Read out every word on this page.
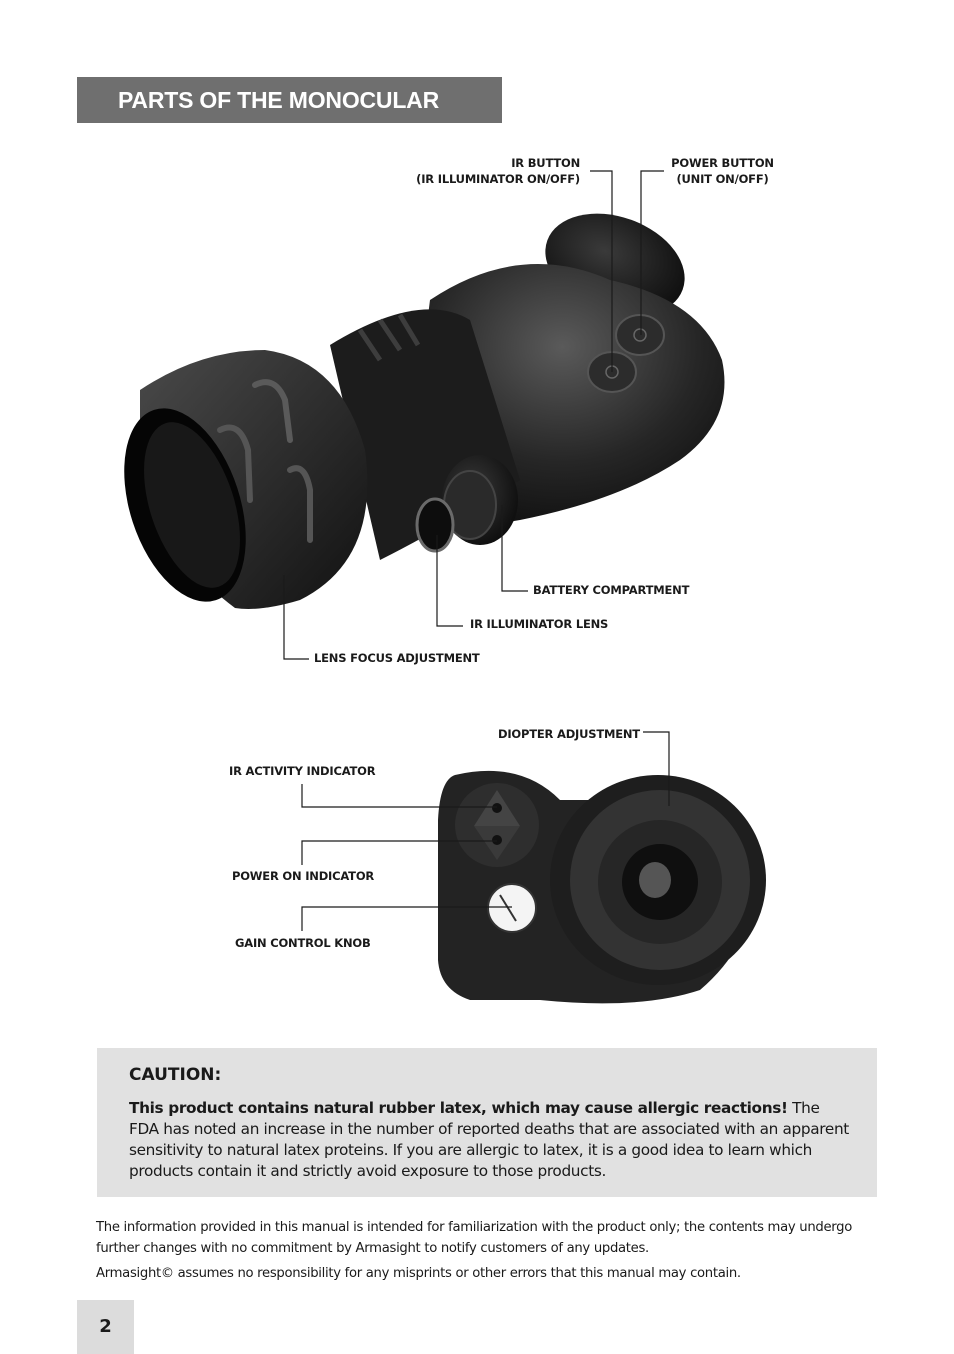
PARTS OF THE MONOCULAR
IR BUTTON
(IR ILLUMINATOR ON/OFF)
POWER BUTTON
(UNIT ON/OFF)
BATTERY COMPARTMENT
IR ILLUMINATOR LENS
LENS FOCUS ADJUSTMENT
DIOPTER ADJUSTMENT
IR ACTIVITY INDICATOR
POWER ON INDICATOR
GAIN CONTROL KNOB
CAUTION:

This product contains natural rubber latex, which may cause allergic reactions! The FDA has noted an increase in the number of reported deaths that are associated with an apparent sensitivity to natural latex proteins. If you are allergic to latex, it is a good idea to learn which products contain it and strictly avoid exposure to those products.

The information provided in this manual is intended for familiarization with the product only; the contents may undergo further changes with no commitment by Armasight to notify customers of any updates.
Armasight© assumes no responsibility for any misprints or other errors that this manual may contain.
2
